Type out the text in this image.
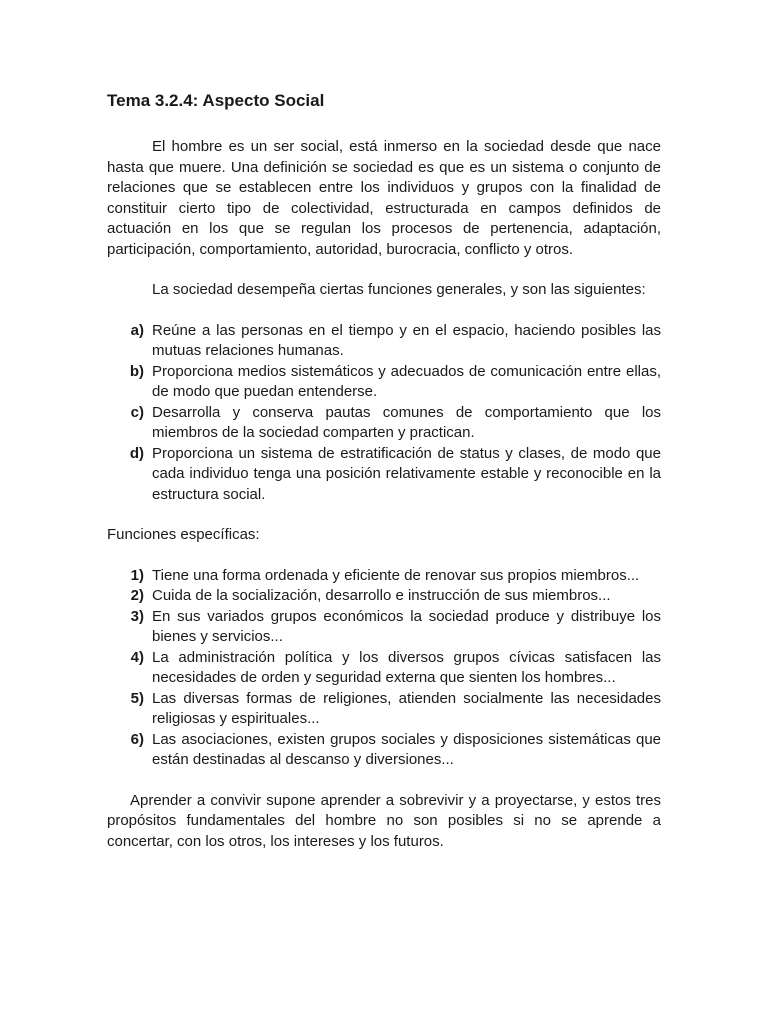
Tema 3.2.4: Aspecto Social

El hombre es un ser social, está inmerso en la sociedad desde que nace hasta que muere. Una definición se sociedad es que es un sistema o conjunto de relaciones que se establecen entre los individuos y grupos con la finalidad de constituir cierto tipo de colectividad, estructurada en campos definidos de actuación en los que se regulan los procesos de pertenencia, adaptación, participación, comportamiento, autoridad, burocracia, conflicto y otros.

La sociedad desempeña ciertas funciones generales, y son las siguientes:

a) Reúne a las personas en el tiempo y en el espacio, haciendo posibles las mutuas relaciones humanas.
b) Proporciona medios sistemáticos y adecuados de comunicación entre ellas, de modo que puedan entenderse.
c) Desarrolla y conserva pautas comunes de comportamiento que los miembros de la sociedad comparten y practican.
d) Proporciona un sistema de estratificación de status y clases, de modo que cada individuo tenga una posición relativamente estable y reconocible en la estructura social.

Funciones específicas:

1) Tiene una forma ordenada y eficiente de renovar sus propios miembros...
2) Cuida de la socialización, desarrollo e instrucción de sus miembros...
3) En sus variados grupos económicos la sociedad produce y distribuye los bienes y servicios...
4) La administración política y los diversos grupos cívicas satisfacen las necesidades de orden y seguridad externa que sienten los hombres...
5) Las diversas formas de religiones, atienden socialmente las necesidades religiosas y espirituales...
6) Las asociaciones, existen grupos sociales y disposiciones sistemáticas que están destinadas al descanso y diversiones...

Aprender a convivir supone aprender a sobrevivir y a proyectarse, y estos tres propósitos fundamentales del hombre no son posibles si no se aprende a concertar, con los otros, los intereses y los futuros.
